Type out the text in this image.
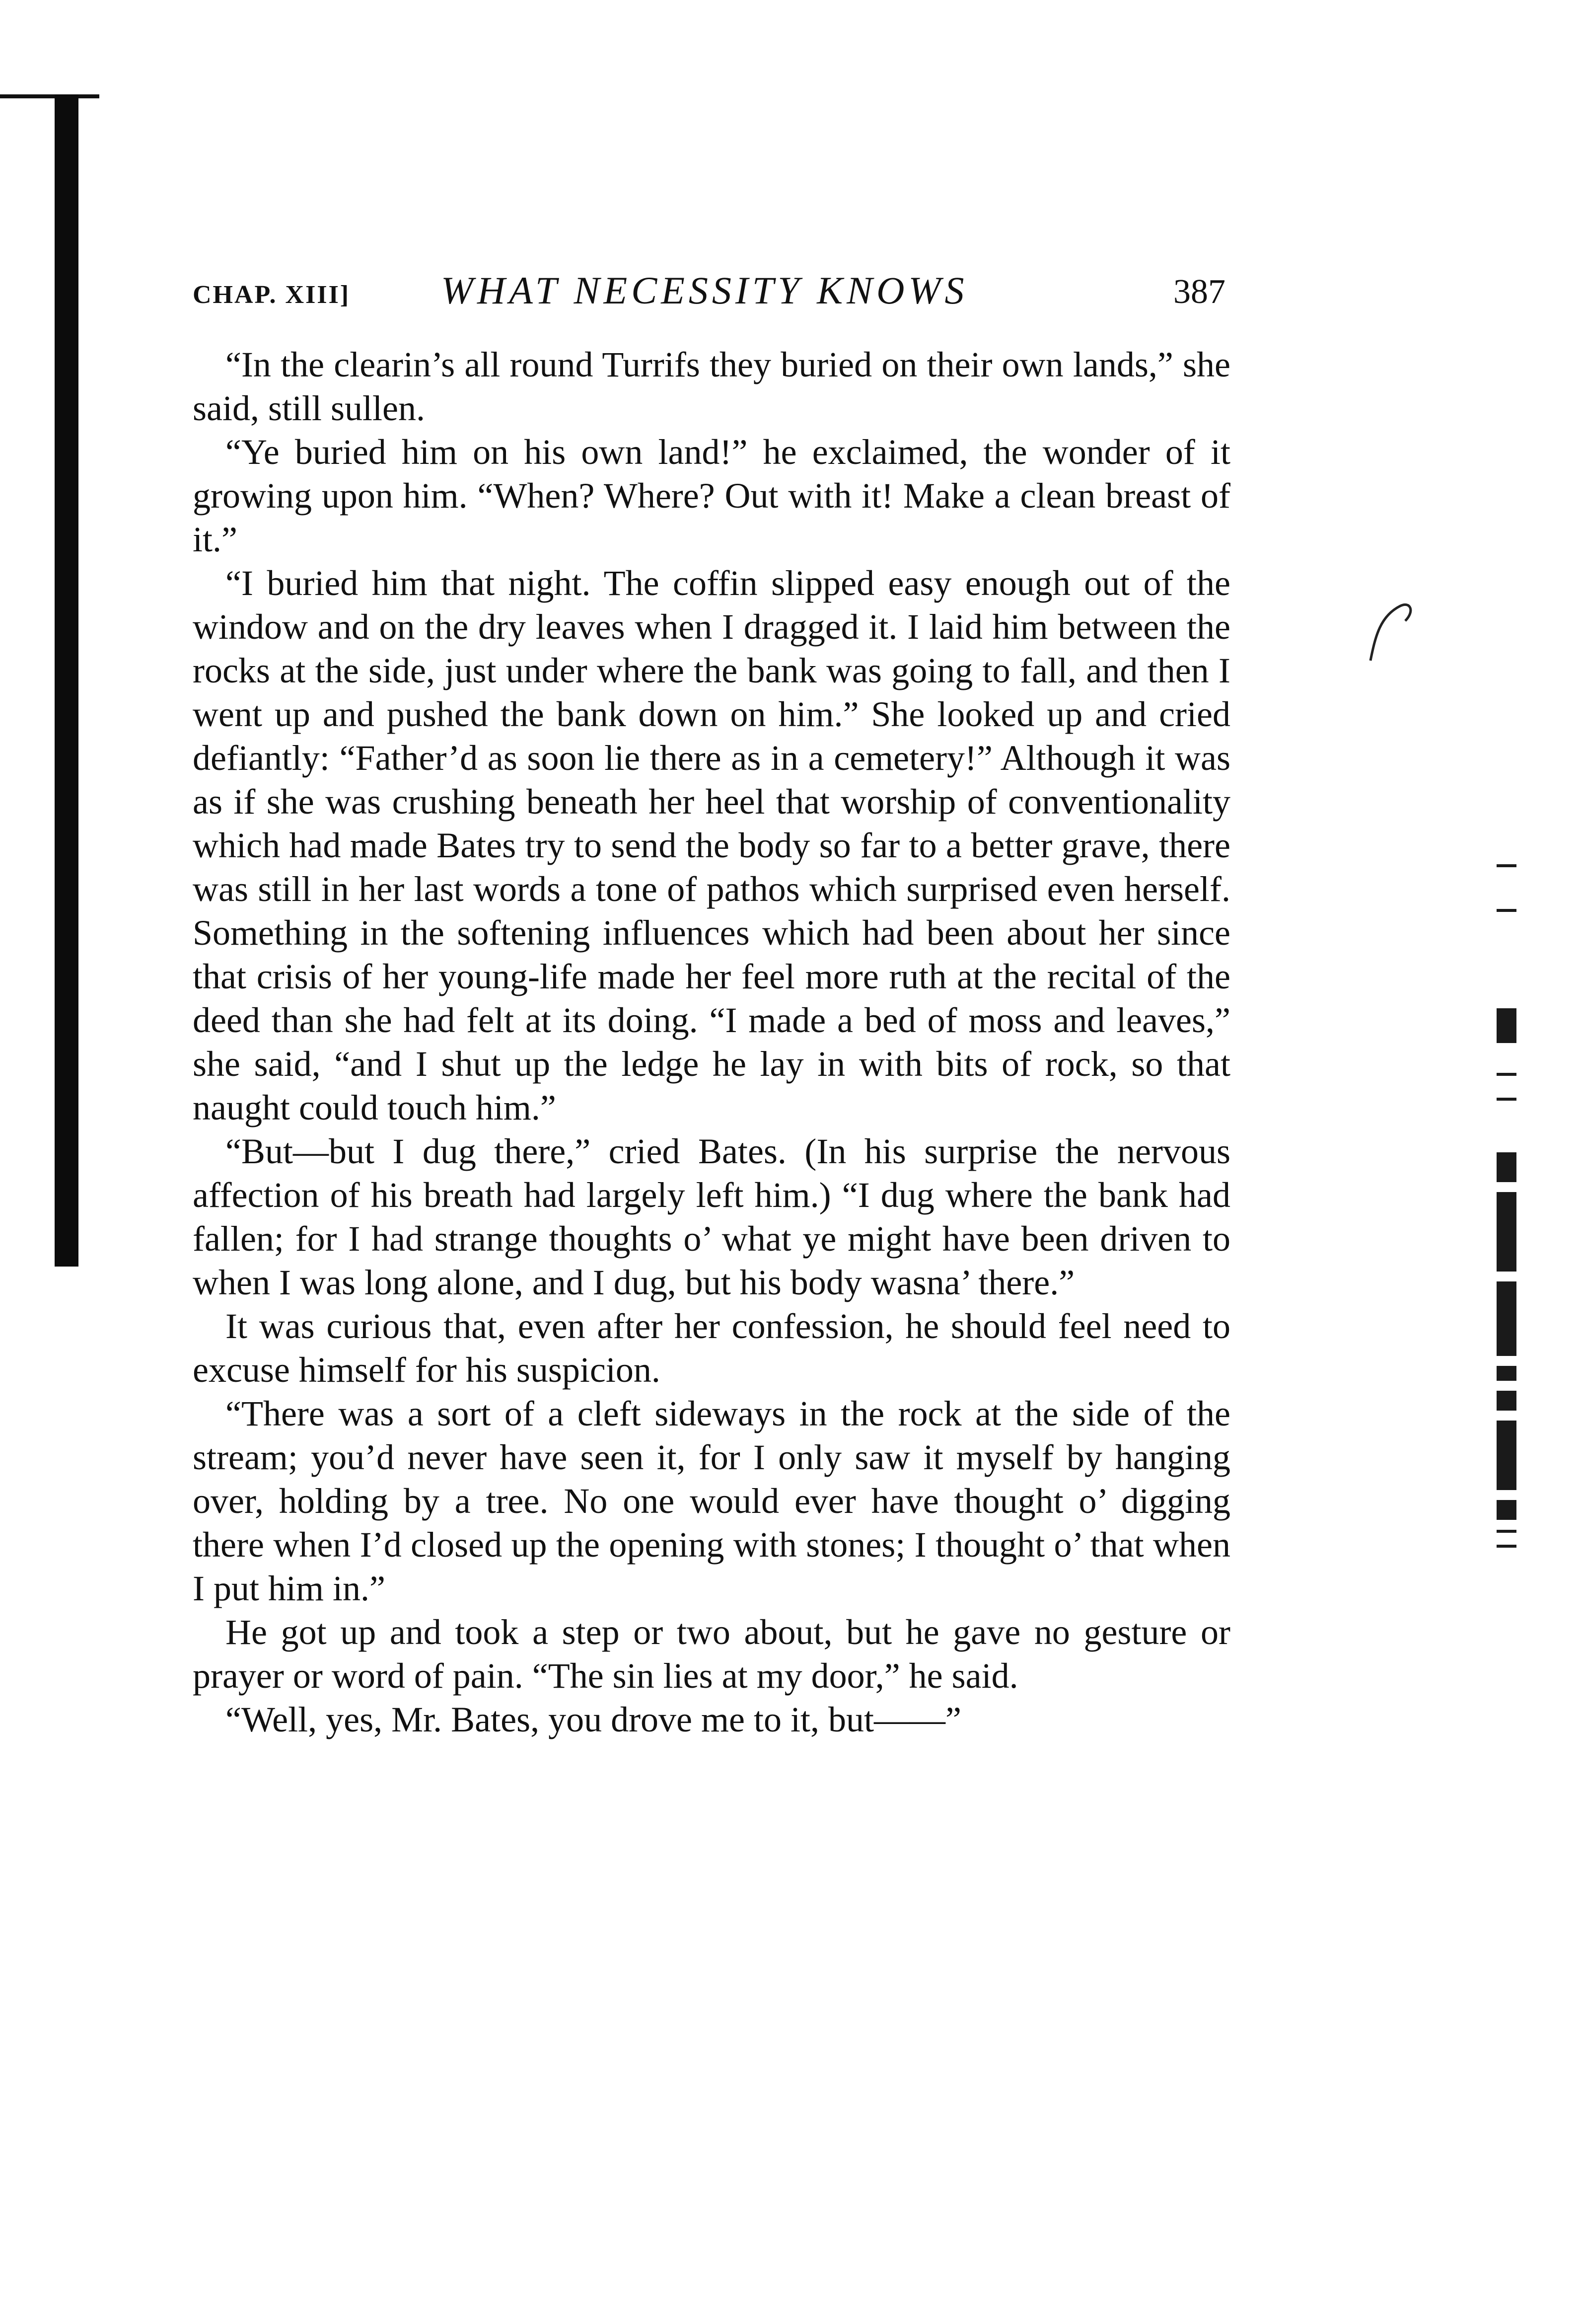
CHAP. XIII] WHAT NECESSITY KNOWS	387

“In the clearin’s all round Turrifs they buried on their own lands,” she said, still sullen.

“Ye buried him on his own land!” he exclaimed, the wonder of it growing upon him. “When? Where? Out with it! Make a clean breast of it.”

“I buried him that night. The coffin slipped easy enough out of the window and on the dry leaves when I dragged it. I laid him between the rocks at the side, just under where the bank was going to fall, and then I went up and pushed the bank down on him.” She looked up and cried defiantly: “Father’d as soon lie there as in a cemetery!” Although it was as if she was crushing beneath her heel that worship of conventionality which had made Bates try to send the body so far to a better grave, there was still in her last words a tone of pathos which surprised even herself. Something in the softening influences which had been about her since that crisis of her young-life made her feel more ruth at the recital of the deed than she had felt at its doing. “I made a bed of moss and leaves,” she said, “and I shut up the ledge he lay in with bits of rock, so that naught could touch him.”

“But—but I dug there,” cried Bates. (In his surprise the nervous affection of his breath had largely left him.) “I dug where the bank had fallen; for I had strange thoughts o’ what ye might have been driven to when I was long alone, and I dug, but his body wasna’ there.”

It was curious that, even after her confession, he should feel need to excuse himself for his suspicion.

“There was a sort of a cleft sideways in the rock at the side of the stream; you’d never have seen it, for I only saw it myself by hanging over, holding by a tree. No one would ever have thought o’ digging there when I’d closed up the opening with stones; I thought o’ that when I put him in.”

He got up and took a step or two about, but he gave no gesture or prayer or word of pain. “The sin lies at my door,” he said.

“Well, yes, Mr. Bates, you drove me to it, but——”
